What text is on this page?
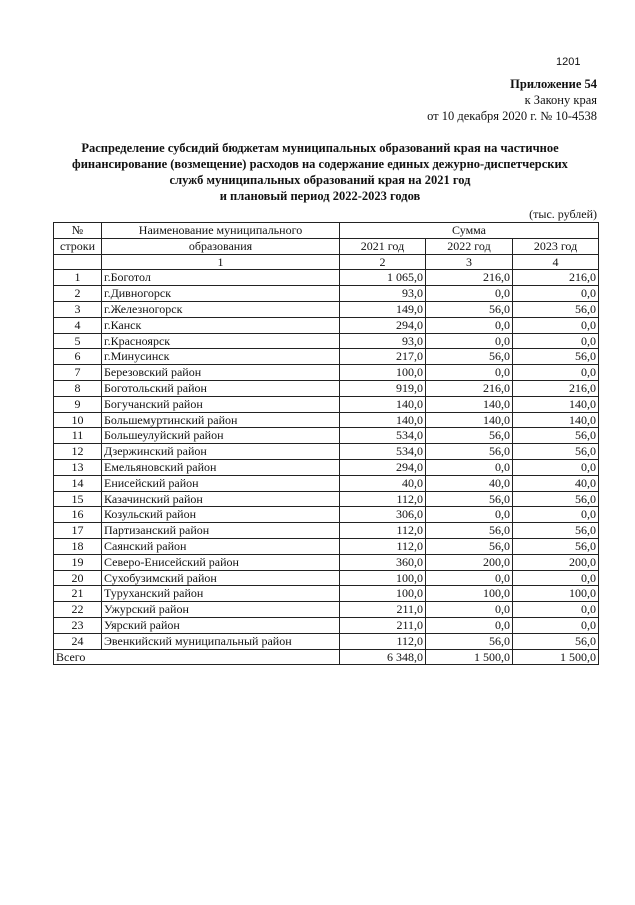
1201
Приложение 54
к Закону края
от 10 декабря 2020 г. № 10-4538
Распределение субсидий бюджетам муниципальных образований края на частичное
финансирование (возмещение) расходов на содержание единых дежурно-диспетчерских
служб муниципальных образований края на 2021 год
и плановый период 2022-2023 годов
(тыс. рублей)
№	Наименование муниципального	Сумма		
строки	образования	2021 год	2022 год	2023 год
	1	2	3	4
1	г.Боготол	1 065,0	216,0	216,0
2	г.Дивногорск	93,0	0,0	0,0
3	г.Железногорск	149,0	56,0	56,0
4	г.Канск	294,0	0,0	0,0
5	г.Красноярск	93,0	0,0	0,0
6	г.Минусинск	217,0	56,0	56,0
7	Березовский район	100,0	0,0	0,0
8	Боготольский район	919,0	216,0	216,0
9	Богучанский район	140,0	140,0	140,0
10	Большемуртинский район	140,0	140,0	140,0
11	Большеулуйский район	534,0	56,0	56,0
12	Дзержинский район	534,0	56,0	56,0
13	Емельяновский район	294,0	0,0	0,0
14	Енисейский район	40,0	40,0	40,0
15	Казачинский район	112,0	56,0	56,0
16	Козульский район	306,0	0,0	0,0
17	Партизанский район	112,0	56,0	56,0
18	Саянский район	112,0	56,0	56,0
19	Северо-Енисейский район	360,0	200,0	200,0
20	Сухобузимский район	100,0	0,0	0,0
21	Туруханский район	100,0	100,0	100,0
22	Ужурский район	211,0	0,0	0,0
23	Уярский район	211,0	0,0	0,0
24	Эвенкийский муниципальный район	112,0	56,0	56,0
Всего		6 348,0	1 500,0	1 500,0
